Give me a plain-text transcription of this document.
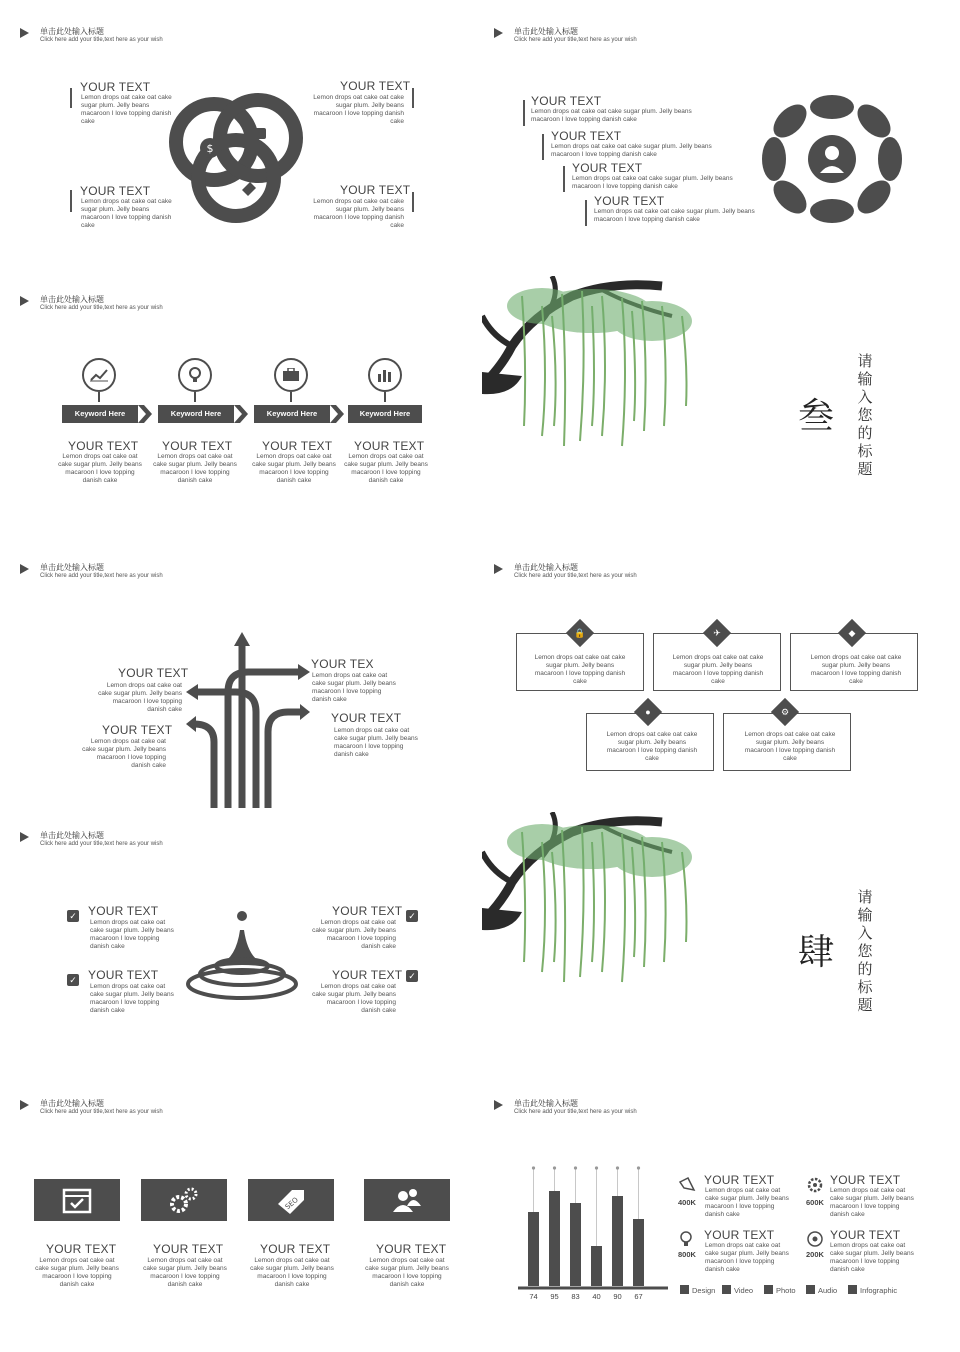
单击此处输入标题
Click here add your title,text here as your wish
YOUR TEXT
Lemon drops oat cake oat cake sugar plum. Jelly beans macaroon I love topping danish cake
YOUR TEXT
Lemon drops oat cake oat cake sugar plum. Jelly beans macaroon I love topping danish cake
YOUR TEXT
Lemon drops oat cake oat cake sugar plum. Jelly beans macaroon I love topping danish cake
YOUR TEXT
Lemon drops oat cake oat cake sugar plum. Jelly beans macaroon I love topping danish cake
$
单击此处输入标题
Click here add your title,text here as your wish
YOUR TEXT
Lemon drops oat cake oat cake sugar plum. Jelly beans macaroon I love topping danish cake
YOUR TEXT
Lemon drops oat cake oat cake sugar plum. Jelly beans macaroon I love topping danish cake
YOUR TEXT
Lemon drops oat cake oat cake sugar plum. Jelly beans macaroon I love topping danish cake
YOUR TEXT
Lemon drops oat cake oat cake sugar plum. Jelly beans macaroon I love topping danish cake
单击此处输入标题
Click here add your title,text here as your wish
Keyword Here	Keyword Here	Keyword Here	Keyword Here
YOUR TEXT
Lemon drops oat cake oat cake sugar plum. Jelly beans macaroon I love topping danish cake
YOUR TEXT
Lemon drops oat cake oat cake sugar plum. Jelly beans macaroon I love topping danish cake
YOUR TEXT
Lemon drops oat cake oat cake sugar plum. Jelly beans macaroon I love topping danish cake
YOUR TEXT
Lemon drops oat cake oat cake sugar plum. Jelly beans macaroon I love topping danish cake
叁
请输入您的标题
单击此处输入标题
Click here add your title,text here as your wish
YOUR TEXT
Lemon drops oat cake oat cake sugar plum. Jelly beans macaroon I love topping danish cake
YOUR TEX
Lemon drops oat cake oat cake sugar plum. Jelly beans macaroon I love topping danish cake
YOUR TEXT
Lemon drops oat cake oat cake sugar plum. Jelly beans macaroon I love topping danish cake
YOUR TEXT
Lemon drops oat cake oat cake sugar plum. Jelly beans macaroon I love topping danish cake
单击此处输入标题
Click here add your title,text here as your wish
Lemon drops oat cake oat cake sugar plum. Jelly beans macaroon I love topping danish cake
🔒
Lemon drops oat cake oat cake sugar plum. Jelly beans macaroon I love topping danish cake
✈
Lemon drops oat cake oat cake sugar plum. Jelly beans macaroon I love topping danish cake
◆
Lemon drops oat cake oat cake sugar plum. Jelly beans macaroon I love topping danish cake
●
Lemon drops oat cake oat cake sugar plum. Jelly beans macaroon I love topping danish cake
⚙
单击此处输入标题
Click here add your title,text here as your wish
✓ YOUR TEXT
Lemon drops oat cake oat cake sugar plum. Jelly beans macaroon I love topping danish cake
✓
YOUR TEXT
Lemon drops oat cake oat cake sugar plum. Jelly beans macaroon I love topping danish cake
✓ YOUR TEXT
Lemon drops oat cake oat cake sugar plum. Jelly beans macaroon I love topping danish cake
✓
YOUR TEXT
Lemon drops oat cake oat cake sugar plum. Jelly beans macaroon I love topping danish cake
肆
请输入您的标题
单击此处输入标题
Click here add your title,text here as your wish
SEO
YOUR TEXT
Lemon drops oat cake oat cake sugar plum. Jelly beans macaroon I love topping danish cake
YOUR TEXT
Lemon drops oat cake oat cake sugar plum. Jelly beans macaroon I love topping danish cake
YOUR TEXT
Lemon drops oat cake oat cake sugar plum. Jelly beans macaroon I love topping danish cake
YOUR TEXT
Lemon drops oat cake oat cake sugar plum. Jelly beans macaroon I love topping danish cake
单击此处输入标题
Click here add your title,text here as your wish
74	95	83	40	90	67
400K
YOUR TEXT
Lemon drops oat cake oat cake sugar plum. Jelly beans macaroon I love topping danish cake
600K
YOUR TEXT
Lemon drops oat cake oat cake sugar plum. Jelly beans macaroon I love topping danish cake
800K
YOUR TEXT
Lemon drops oat cake oat cake sugar plum. Jelly beans macaroon I love topping danish cake
200K
YOUR TEXT
Lemon drops oat cake oat cake sugar plum. Jelly beans macaroon I love topping danish cake
Design	Video	Photo	Audio	Infographic
